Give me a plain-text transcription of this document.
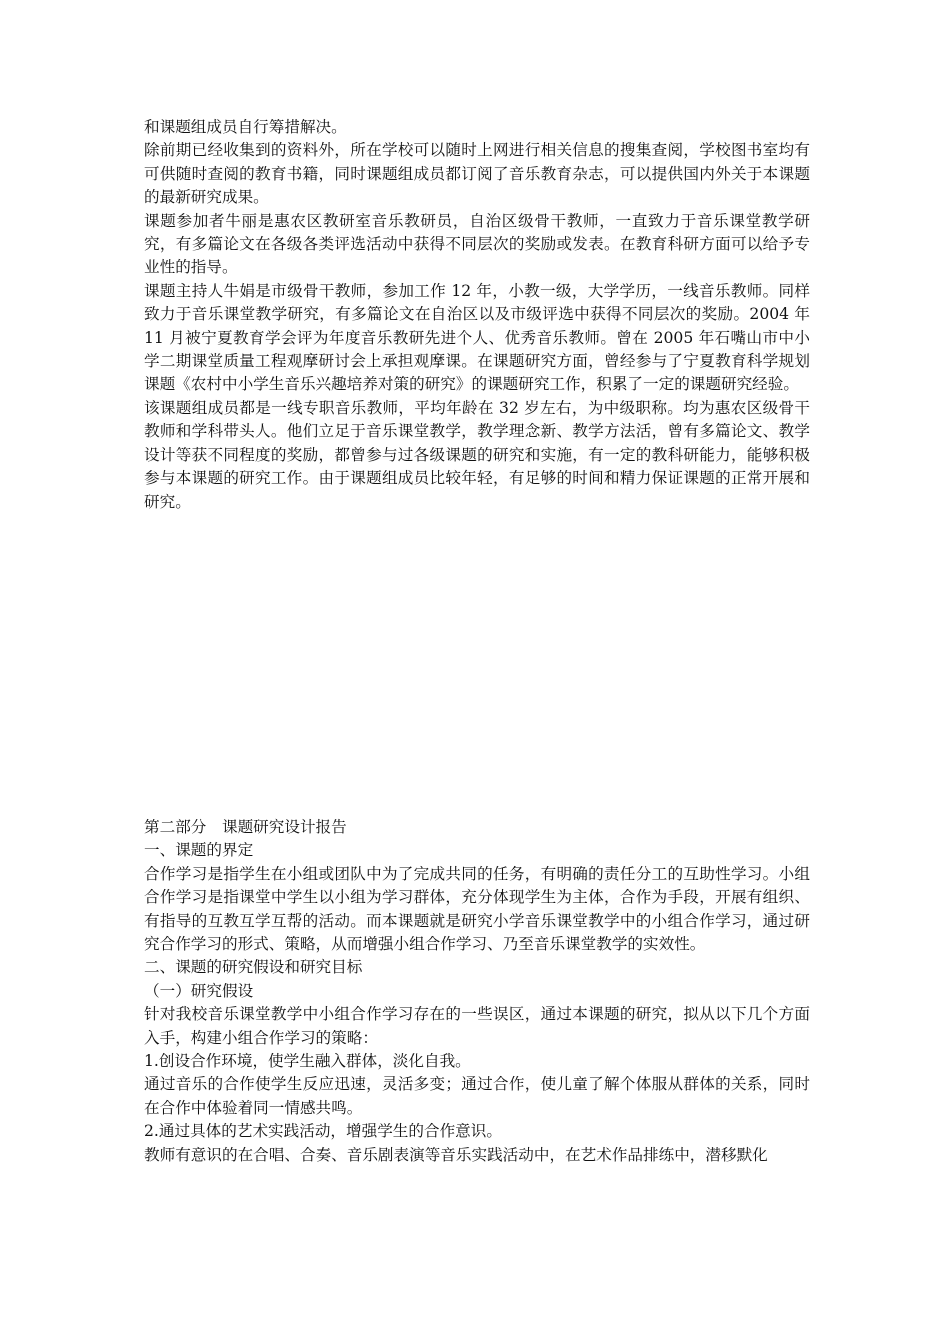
和课题组成员自行筹措解决。

除前期已经收集到的资料外，所在学校可以随时上网进行相关信息的搜集查阅，学校图书室均有可供随时查阅的教育书籍，同时课题组成员都订阅了音乐教育杂志，可以提供国内外关于本课题的最新研究成果。

课题参加者牛丽是惠农区教研室音乐教研员，自治区级骨干教师，一直致力于音乐课堂教学研究，有多篇论文在各级各类评选活动中获得不同层次的奖励或发表。在教育科研方面可以给予专业性的指导。

课题主持人牛娟是市级骨干教师，参加工作 12 年，小教一级，大学学历，一线音乐教师。同样致力于音乐课堂教学研究，有多篇论文在自治区以及市级评选中获得不同层次的奖励。2004 年 11 月被宁夏教育学会评为年度音乐教研先进个人、优秀音乐教师。曾在 2005 年石嘴山市中小学二期课堂质量工程观摩研讨会上承担观摩课。在课题研究方面，曾经参与了宁夏教育科学规划课题《农村中小学生音乐兴趣培养对策的研究》的课题研究工作，积累了一定的课题研究经验。

该课题组成员都是一线专职音乐教师，平均年龄在 32 岁左右，为中级职称。均为惠农区级骨干教师和学科带头人。他们立足于音乐课堂教学，教学理念新、教学方法活，曾有多篇论文、教学设计等获不同程度的奖励，都曾参与过各级课题的研究和实施，有一定的教科研能力，能够积极参与本课题的研究工作。由于课题组成员比较年轻，有足够的时间和精力保证课题的正常开展和研究。

第二部分　课题研究设计报告

一、课题的界定

合作学习是指学生在小组或团队中为了完成共同的任务，有明确的责任分工的互助性学习。小组合作学习是指课堂中学生以小组为学习群体，充分体现学生为主体，合作为手段，开展有组织、有指导的互教互学互帮的活动。而本课题就是研究小学音乐课堂教学中的小组合作学习，通过研究合作学习的形式、策略，从而增强小组合作学习、乃至音乐课堂教学的实效性。

二、课题的研究假设和研究目标

（一）研究假设

针对我校音乐课堂教学中小组合作学习存在的一些误区，通过本课题的研究，拟从以下几个方面入手，构建小组合作学习的策略：

1.创设合作环境，使学生融入群体，淡化自我。

通过音乐的合作使学生反应迅速，灵活多变；通过合作，使儿童了解个体服从群体的关系，同时在合作中体验着同一情感共鸣。

2.通过具体的艺术实践活动，增强学生的合作意识。

教师有意识的在合唱、合奏、音乐剧表演等音乐实践活动中，在艺术作品排练中，潜移默化
